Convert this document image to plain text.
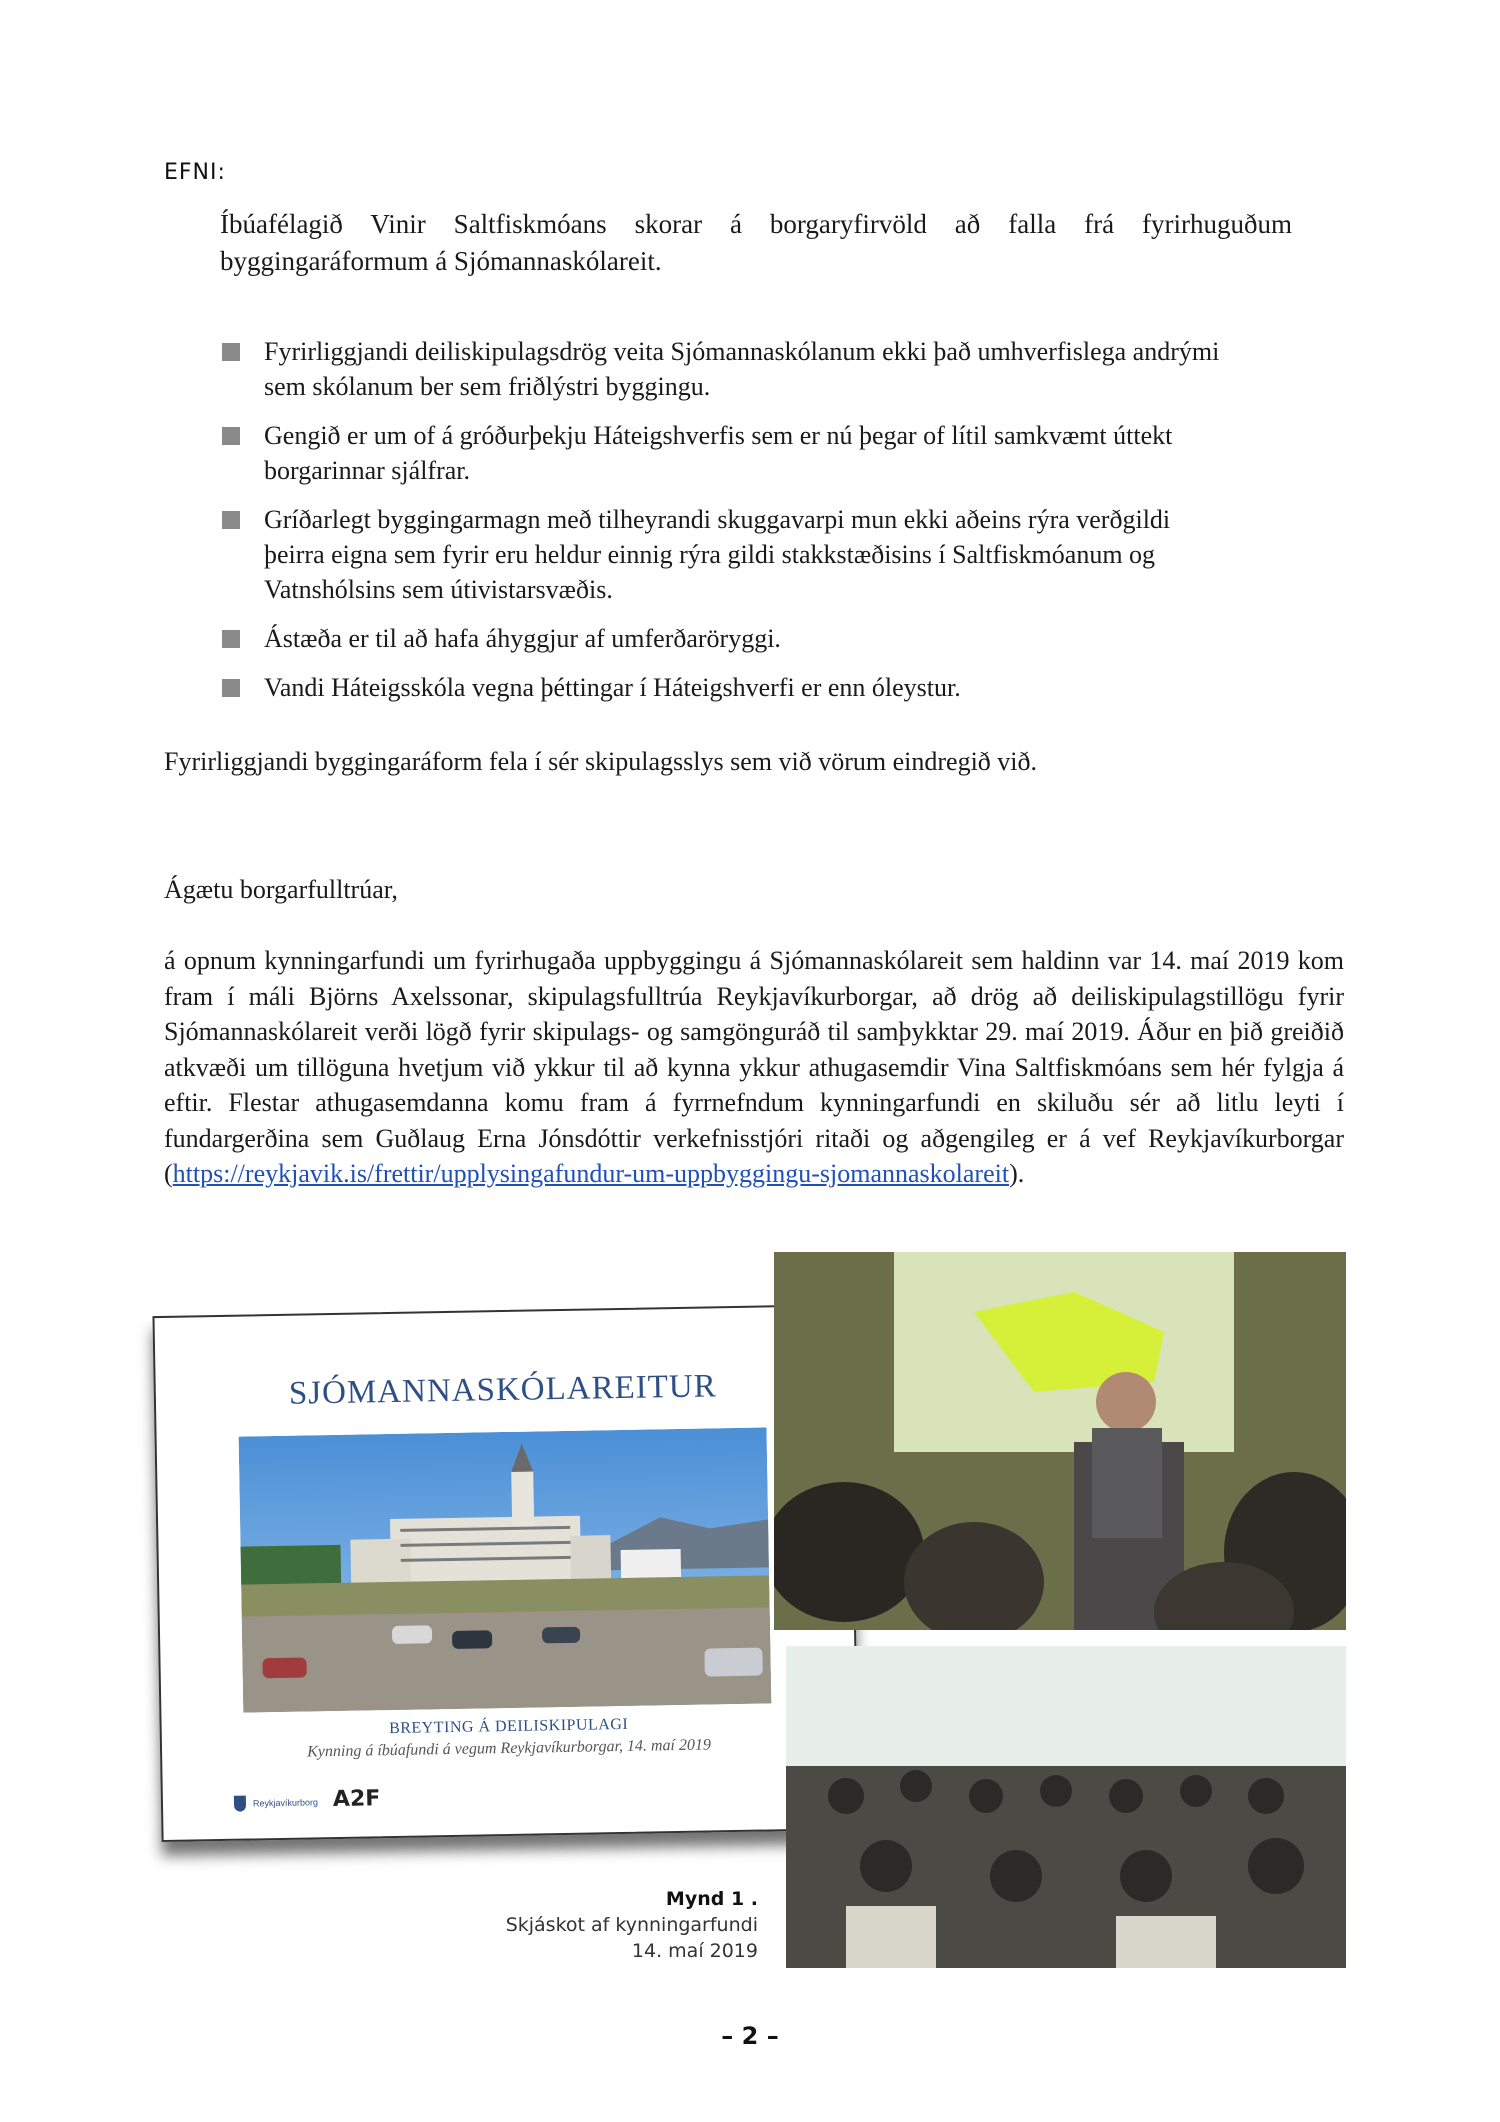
EFNI:
Íbúafélagið Vinir Saltfiskmóans skorar á borgaryfirvöld að falla frá fyrirhuguðum byggingaráformum á Sjómannaskólareit.
Fyrirliggjandi deiliskipulagsdrög veita Sjómannaskólanum ekki það umhverfislega andrými sem skólanum ber sem friðlýstri byggingu.
Gengið er um of á gróðurþekju Háteigshverfis sem er nú þegar of lítil samkvæmt úttekt borgarinnar sjálfrar.
Gríðarlegt byggingarmagn með tilheyrandi skuggavarpi mun ekki aðeins rýra verðgildi þeirra eigna sem fyrir eru heldur einnig rýra gildi stakkstæðisins í Saltfiskmóanum og Vatnshólsins sem útivistarsvæðis.
Ástæða er til að hafa áhyggjur af umferðaröryggi.
Vandi Háteigsskóla vegna þéttingar í Háteigshverfi er enn óleystur.
Fyrirliggjandi byggingaráform fela í sér skipulagsslys sem við vörum eindregið við.
Ágætu borgarfulltrúar,
á opnum kynningarfundi um fyrirhugaða uppbyggingu á Sjómannaskólareit sem haldinn var 14. maí 2019 kom fram í máli Björns Axelssonar, skipulagsfulltrúa Reykjavíkurborgar, að drög að deiliskipulagstillögu fyrir Sjómannaskólareit verði lögð fyrir skipulags- og samgönguráð til samþykktar 29. maí 2019. Áður en þið greiðið atkvæði um tillöguna hvetjum við ykkur til að kynna ykkur athugasemdir Vina Saltfiskmóans sem hér fylgja á eftir. Flestar athugasemdanna komu fram á fyrrnefndum kynningarfundi en skiluðu sér að litlu leyti í fundargerðina sem Guðlaug Erna Jónsdóttir verkefnisstjóri ritaði og aðgengileg er á vef Reykjavíkurborgar (https://reykjavik.is/frettir/upplysingafundur-um-uppbyggingu-sjomannaskolareit).
SJÓMANNASKÓLAREITUR
BREYTING Á DEILISKIPULAGI
Kynning á íbúafundi á vegum Reykjavíkurborgar, 14. maí 2019
Reykjavíkurborg A2F
Mynd 1 .
Skjáskot af kynningarfundi 14. maí 2019
– 2 –
